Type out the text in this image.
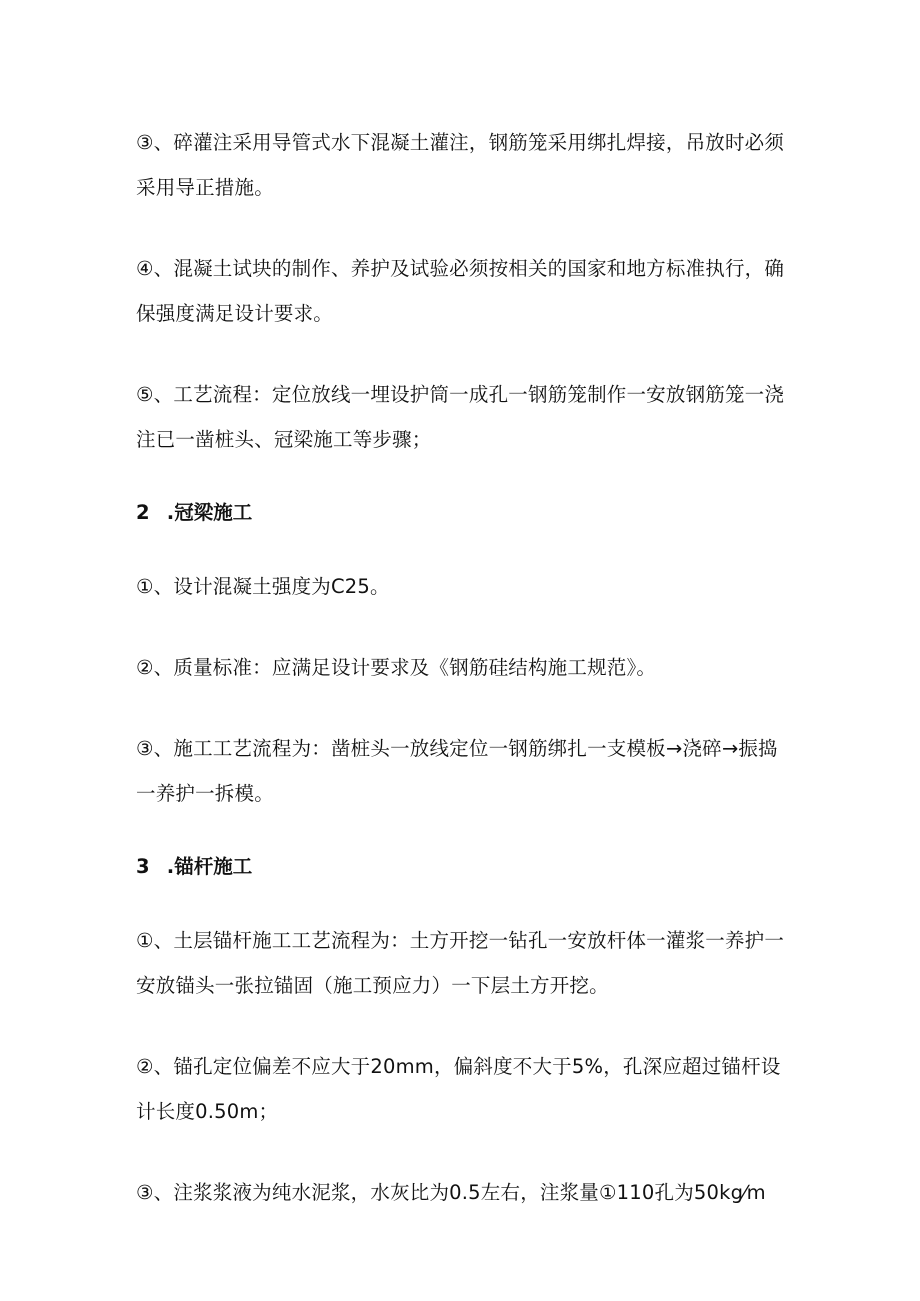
③、碎灌注采用导管式水下混凝土灌注，钢筋笼采用绑扎焊接，吊放时必须采用导正措施。

④、混凝土试块的制作、养护及试验必须按相关的国家和地方标准执行，确保强度满足设计要求。

⑤、工艺流程：定位放线一埋设护筒一成孔一钢筋笼制作一安放钢筋笼一浇注已一凿桩头、冠梁施工等步骤；

2 .冠梁施工

①、设计混凝土强度为C25。

②、质量标准：应满足设计要求及《钢筋硅结构施工规范》。

③、施工工艺流程为：凿桩头一放线定位一钢筋绑扎一支模板→浇碎→振捣一养护一拆模。

3 .锚杆施工

①、土层锚杆施工工艺流程为：土方开挖一钻孔一安放杆体一灌浆一养护一安放锚头一张拉锚固（施工预应力）一下层土方开挖。

②、锚孔定位偏差不应大于20mm，偏斜度不大于5%，孔深应超过锚杆设计长度0.50m；

③、注浆浆液为纯水泥浆，水灰比为0.5左右，注浆量①110孔为50kg⁄m
